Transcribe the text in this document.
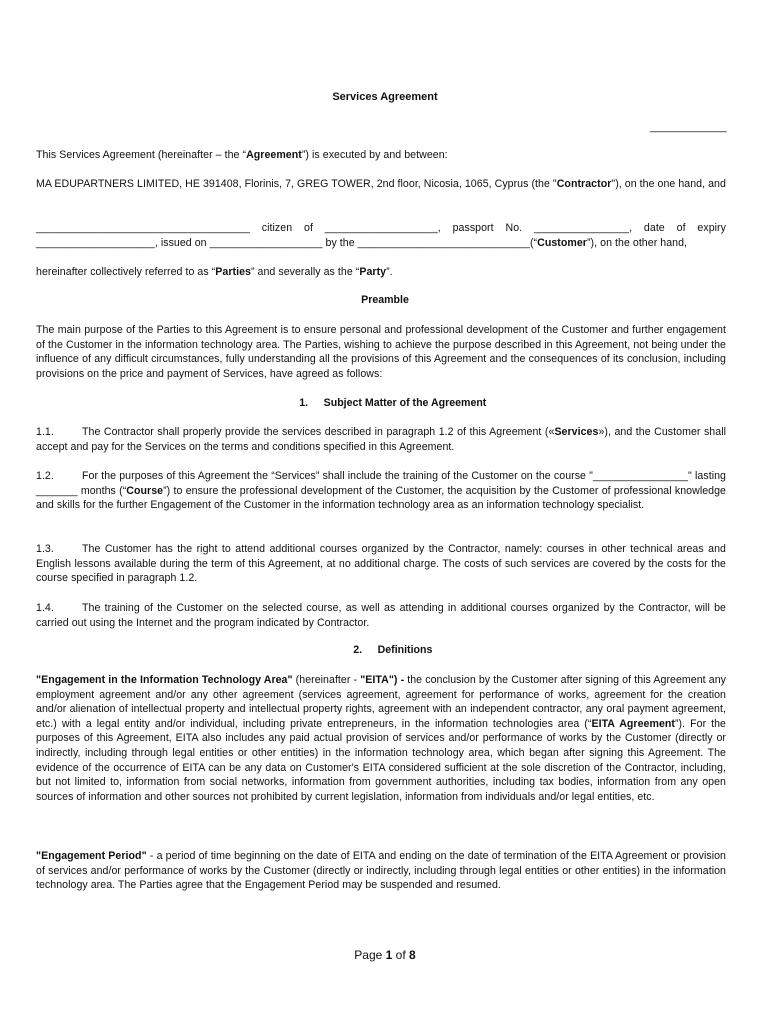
Services Agreement
_____________
This Services Agreement (hereinafter – the “Agreement”) is executed by and between:
MA EDUPARTNERS LIMITED, HE 391408, Florinis, 7, GREG TOWER, 2nd floor, Nicosia, 1065, Cyprus (the "Contractor"), on the one hand, and
____________________________________ citizen of ___________________, passport No. ________________, date of expiry ____________________, issued on ___________________ by the _____________________________(“Customer”), on the other hand,
hereinafter collectively referred to as “Parties” and severally as the “Party”.
Preamble
The main purpose of the Parties to this Agreement is to ensure personal and professional development of the Customer and further engagement of the Customer in the information technology area. The Parties, wishing to achieve the purpose described in this Agreement, not being under the influence of any difficult circumstances, fully understanding all the provisions of this Agreement and the consequences of its conclusion, including provisions on the price and payment of Services, have agreed as follows:
1. Subject Matter of the Agreement
1.1.	The Contractor shall properly provide the services described in paragraph 1.2 of this Agreement («Services»), and the Customer shall accept and pay for the Services on the terms and conditions specified in this Agreement.
1.2.	For the purposes of this Agreement the “Services” shall include the training of the Customer on the course "________________" lasting _______ months (“Course”) to ensure the professional development of the Customer, the acquisition by the Customer of professional knowledge and skills for the further Engagement of the Customer in the information technology area as an information technology specialist.
1.3.	The Customer has the right to attend additional courses organized by the Contractor, namely: courses in other technical areas and English lessons available during the term of this Agreement, at no additional charge. The costs of such services are covered by the costs for the course specified in paragraph 1.2.
1.4.	The training of the Customer on the selected course, as well as attending in additional courses organized by the Contractor, will be carried out using the Internet and the program indicated by Contractor.
2. Definitions
"Engagement in the Information Technology Area" (hereinafter - "EITA") - the conclusion by the Customer after signing of this Agreement any employment agreement and/or any other agreement (services agreement, agreement for performance of works, agreement for the creation and/or alienation of intellectual property and intellectual property rights, agreement with an independent contractor, any oral payment agreement, etc.) with a legal entity and/or individual, including private entrepreneurs, in the information technologies area (“EITA Agreement”). For the purposes of this Agreement, EITA also includes any paid actual provision of services and/or performance of works by the Customer (directly or indirectly, including through legal entities or other entities) in the information technology area, which began after signing this Agreement. The evidence of the occurrence of EITA can be any data on Customer's EITA considered sufficient at the sole discretion of the Contractor, including, but not limited to, information from social networks, information from government authorities, including tax bodies, information from any open sources of information and other sources not prohibited by current legislation, information from individuals and/or legal entities, etc.
"Engagement Period" - a period of time beginning on the date of EITA and ending on the date of termination of the EITA Agreement or provision of services and/or performance of works by the Customer (directly or indirectly, including through legal entities or other entities) in the information technology area. The Parties agree that the Engagement Period may be suspended and resumed.
Page 1 of 8
